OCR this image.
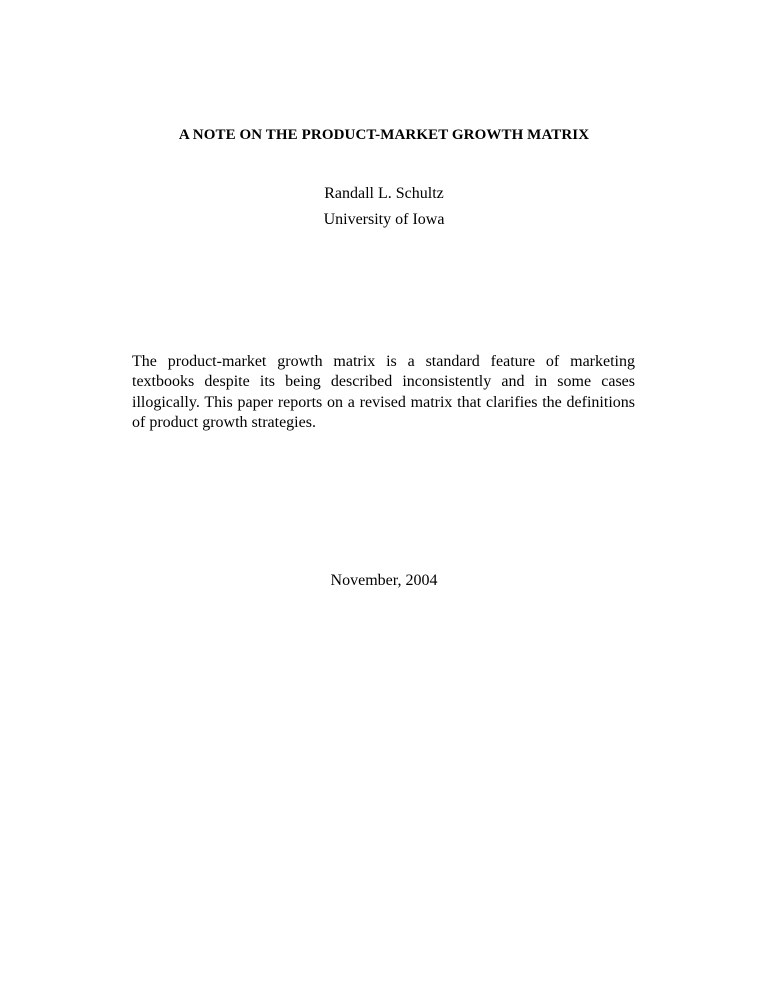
A NOTE ON THE PRODUCT-MARKET GROWTH MATRIX
Randall L. Schultz
University of Iowa

The product-market growth matrix is a standard feature of marketing textbooks despite its being described inconsistently and in some cases illogically. This paper reports on a revised matrix that clarifies the definitions of product growth strategies.

November, 2004
